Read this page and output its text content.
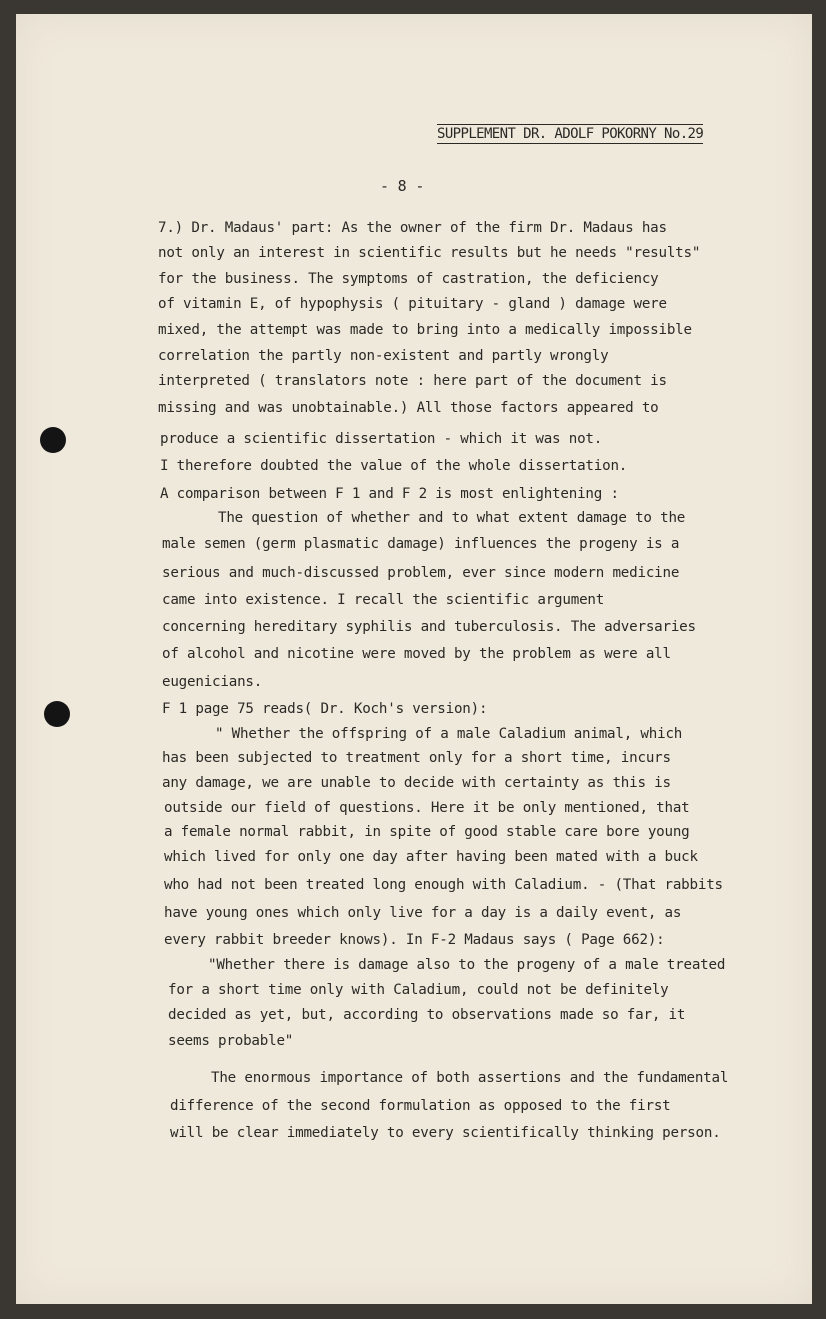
SUPPLEMENT DR. ADOLF POKORNY No.29
- 8 -
7.) Dr. Madaus' part: As the owner of the firm Dr. Madaus has
not only an interest in scientific results but he needs "results"
for the business. The symptoms of castration, the deficiency
of vitamin E, of hypophysis ( pituitary - gland ) damage were
mixed, the attempt was made to bring into a medically impossible
correlation the partly non-existent and partly wrongly
interpreted ( translators note : here part of the document is
missing and was unobtainable.) All those factors appeared to
produce a scientific dissertation - which it was not.
I therefore doubted the value of the whole dissertation.
A comparison between F 1 and F 2 is most enlightening :
The question of whether and to what extent damage to the
male semen (germ plasmatic damage) influences the progeny is a
serious and much-discussed problem, ever since modern medicine
came into existence. I recall the scientific argument
concerning hereditary syphilis and tuberculosis. The adversaries
of alcohol and nicotine were moved by the problem as were all
eugenicians.
F 1 page 75 reads( Dr. Koch's version):
" Whether the offspring of a male Caladium animal, which
has been subjected to treatment only for a short time, incurs
any damage, we are unable to decide with certainty as this is
outside our field of questions. Here it be only mentioned, that
a female normal rabbit, in spite of good stable care bore young
which lived for only one day after having been mated with a buck
who had not been treated long enough with Caladium. - (That rabbits
have young ones which only live for a day is a daily event, as
every rabbit breeder knows). In F-2 Madaus says ( Page 662):
"Whether there is damage also to the progeny of a male treated
for a short time only with Caladium, could not be definitely
decided as yet, but, according to observations made so far, it
seems probable"
The enormous importance of both assertions and the fundamental
difference of the second formulation as opposed to the first
will be clear immediately to every scientifically thinking person.
